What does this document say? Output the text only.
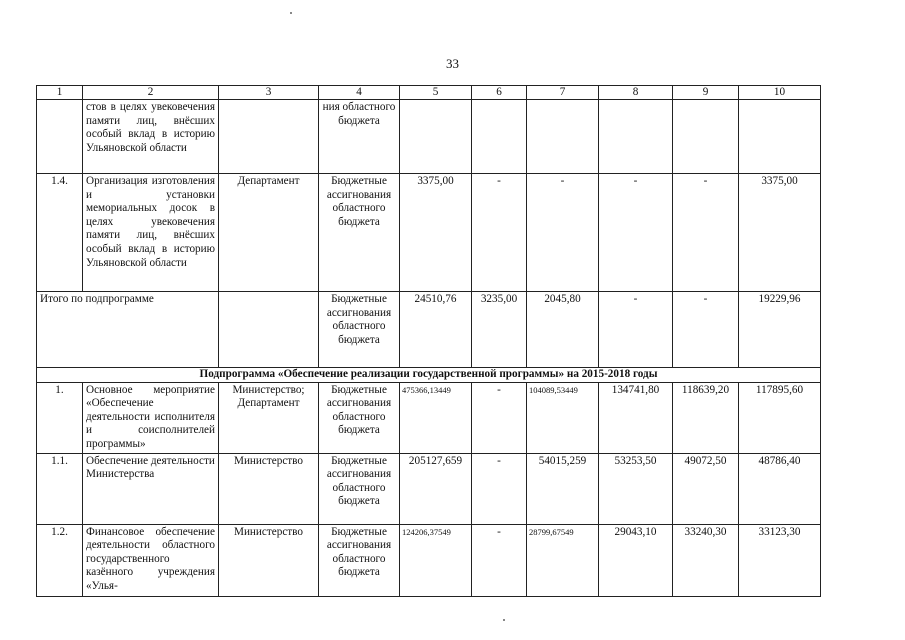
33
1	2	3	4	5	6	7	8	9	10
	стов в целях увековечения памяти лиц, внёсших особый вклад в историю Ульяновской области		ния областного бюджета						
1.4.	Организация изготовления и установки мемориальных досок в целях увековечения памяти лиц, внёсших особый вклад в историю Ульяновской области	Департамент	Бюджетные ассигнования областного бюджета	3375,00	-	-	-	-	3375,00
Итого по подпрограмме			Бюджетные ассигнования областного бюджета	24510,76	3235,00	2045,80	-	-	19229,96
Подпрограмма «Обеспечение реализации государственной программы» на 2015-2018 годы									
1.	Основное мероприятие «Обеспечение деятельности исполнителя и соисполнителей программы»	Министерство; Департамент	Бюджетные ассигнования областного бюджета	475366,13449	-	104089,53449	134741,80	118639,20	117895,60
1.1.	Обеспечение деятельности Министерства	Министерство	Бюджетные ассигнования областного бюджета	205127,659	-	54015,259	53253,50	49072,50	48786,40
1.2.	Финансовое обеспечение деятельности областного государственного казённого учреждения «Улья-	Министерство	Бюджетные ассигнования областного бюджета	124206,37549	-	28799,67549	29043,10	33240,30	33123,30
